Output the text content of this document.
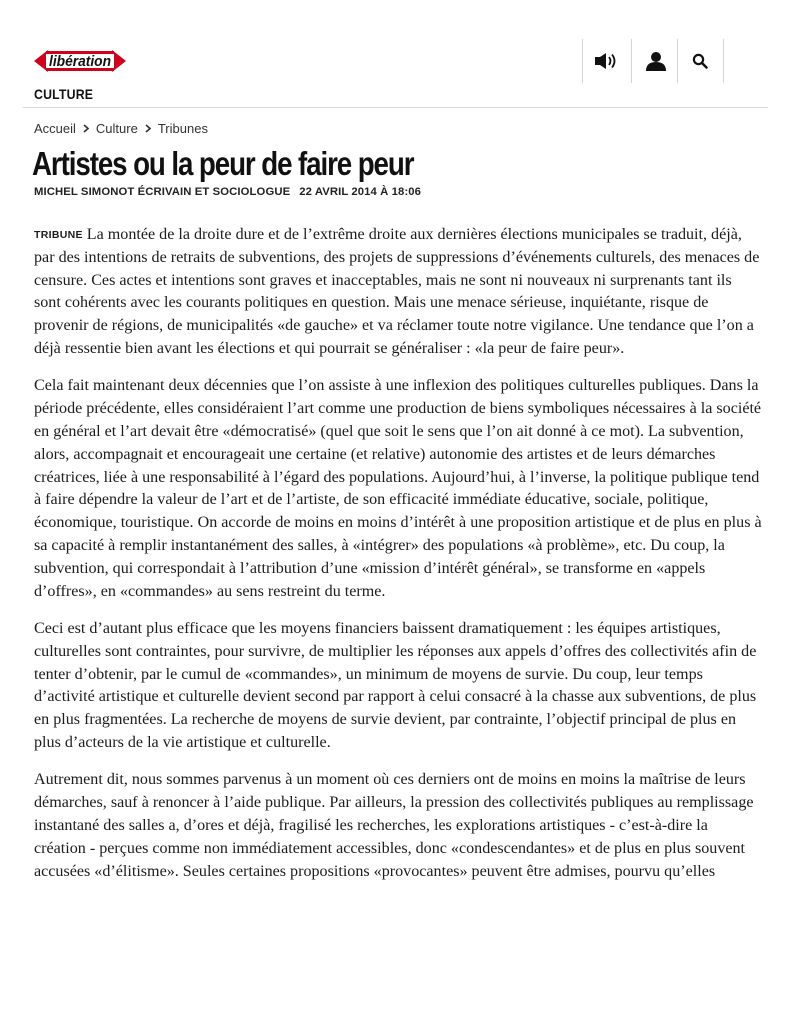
libération
CULTURE
Accueil Culture Tribunes
Artistes ou la peur de faire peur
MICHEL SIMONOT ÉCRIVAIN ET SOCIOLOGUE 22 AVRIL 2014 À 18:06

TRIBUNE La montée de la droite dure et de l’extrême droite aux dernières élections municipales se traduit, déjà, par des intentions de retraits de subventions, des projets de suppressions d’événements culturels, des menaces de censure. Ces actes et intentions sont graves et inacceptables, mais ne sont ni nouveaux ni surprenants tant ils sont cohérents avec les courants politiques en question. Mais une menace sérieuse, inquiétante, risque de provenir de régions, de municipalités «de gauche» et va réclamer toute notre vigilance. Une tendance que l’on a déjà ressentie bien avant les élections et qui pourrait se généraliser : «la peur de faire peur».

Cela fait maintenant deux décennies que l’on assiste à une inflexion des politiques culturelles publiques. Dans la période précédente, elles considéraient l’art comme une production de biens symboliques nécessaires à la société en général et l’art devait être «démocratisé» (quel que soit le sens que l’on ait donné à ce mot). La subvention, alors, accompagnait et encourageait une certaine (et relative) autonomie des artistes et de leurs démarches créatrices, liée à une responsabilité à l’égard des populations. Aujourd’hui, à l’inverse, la politique publique tend à faire dépendre la valeur de l’art et de l’artiste, de son efficacité immédiate éducative, sociale, politique, économique, touristique. On accorde de moins en moins d’intérêt à une proposition artistique et de plus en plus à sa capacité à remplir instantanément des salles, à «intégrer» des populations «à problème», etc. Du coup, la subvention, qui correspondait à l’attribution d’une «mission d’intérêt général», se transforme en «appels d’offres», en «commandes» au sens restreint du terme.

Ceci est d’autant plus efficace que les moyens financiers baissent dramatiquement : les équipes artistiques, culturelles sont contraintes, pour survivre, de multiplier les réponses aux appels d’offres des collectivités afin de tenter d’obtenir, par le cumul de «commandes», un minimum de moyens de survie. Du coup, leur temps d’activité artistique et culturelle devient second par rapport à celui consacré à la chasse aux subventions, de plus en plus fragmentées. La recherche de moyens de survie devient, par contrainte, l’objectif principal de plus en plus d’acteurs de la vie artistique et culturelle.

Autrement dit, nous sommes parvenus à un moment où ces derniers ont de moins en moins la maîtrise de leurs démarches, sauf à renoncer à l’aide publique. Par ailleurs, la pression des collectivités publiques au remplissage instantané des salles a, d’ores et déjà, fragilisé les recherches, les explorations artistiques - c’est-à-dire la création - perçues comme non immédiatement accessibles, donc «condescendantes» et de plus en plus souvent accusées «d’élitisme». Seules certaines propositions «provocantes» peuvent être admises, pourvu qu’elles
